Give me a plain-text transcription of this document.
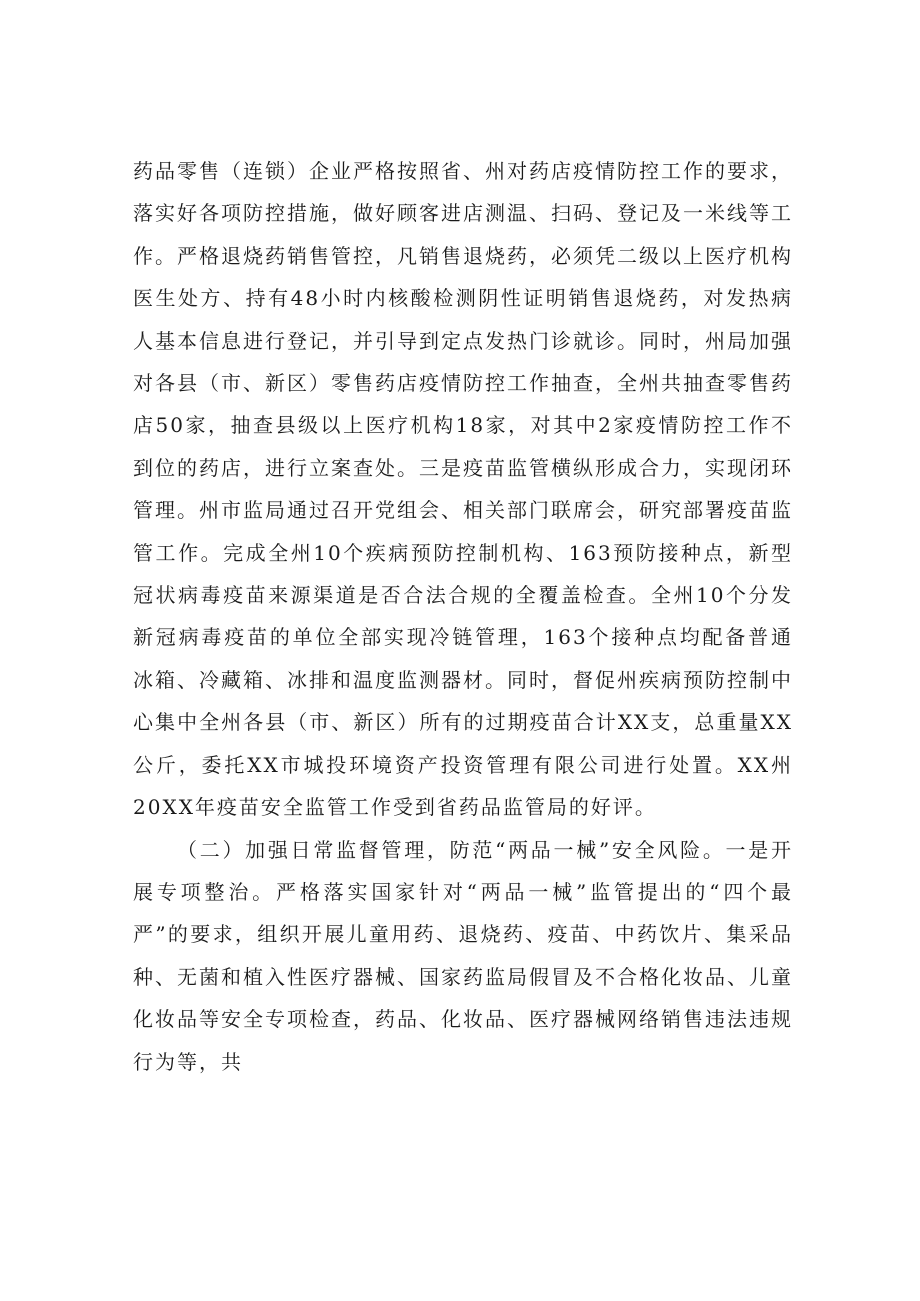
药品零售（连锁）企业严格按照省、州对药店疫情防控工作的要求，落实好各项防控措施，做好顾客进店测温、扫码、登记及一米线等工作。严格退烧药销售管控，凡销售退烧药，必须凭二级以上医疗机构医生处方、持有48小时内核酸检测阴性证明销售退烧药，对发热病人基本信息进行登记，并引导到定点发热门诊就诊。同时，州局加强对各县（市、新区）零售药店疫情防控工作抽查，全州共抽查零售药店50家，抽查县级以上医疗机构18家，对其中2家疫情防控工作不到位的药店，进行立案查处。三是疫苗监管横纵形成合力，实现闭环管理。州市监局通过召开党组会、相关部门联席会，研究部署疫苗监管工作。完成全州10个疾病预防控制机构、163预防接种点，新型冠状病毒疫苗来源渠道是否合法合规的全覆盖检查。全州10个分发新冠病毒疫苗的单位全部实现冷链管理，163个接种点均配备普通冰箱、冷藏箱、冰排和温度监测器材。同时，督促州疾病预防控制中心集中全州各县（市、新区）所有的过期疫苗合计XX支，总重量XX公斤，委托XX市城投环境资产投资管理有限公司进行处置。XX州20XX年疫苗安全监管工作受到省药品监管局的好评。

（二）加强日常监督管理，防范“两品一械”安全风险。一是开展专项整治。严格落实国家针对“两品一械”监管提出的“四个最严”的要求，组织开展儿童用药、退烧药、疫苗、中药饮片、集采品种、无菌和植入性医疗器械、国家药监局假冒及不合格化妆品、儿童化妆品等安全专项检查，药品、化妆品、医疗器械网络销售违法违规行为等，共
